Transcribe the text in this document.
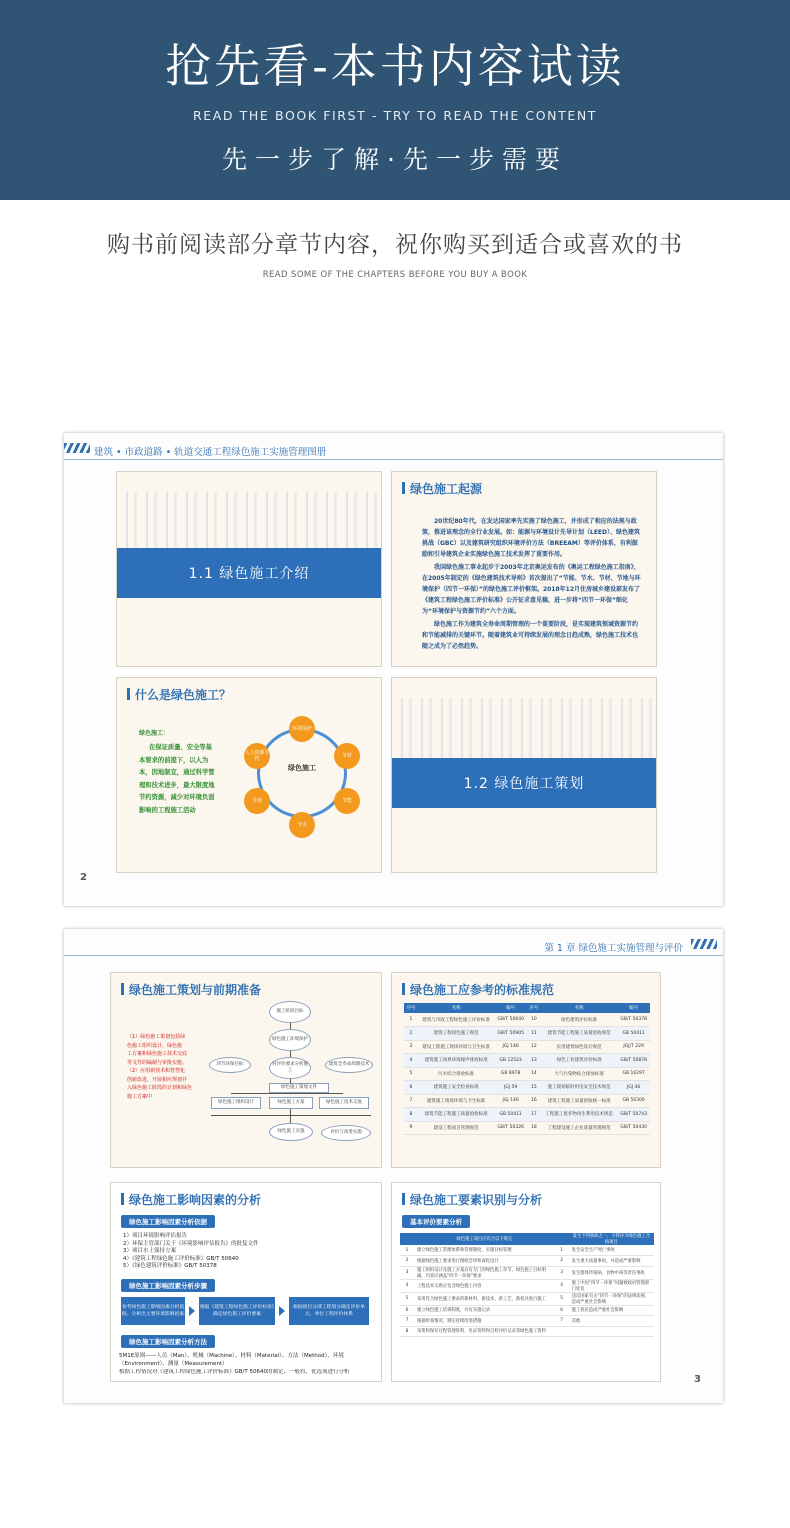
抢先看-本书内容试读
READ THE BOOK FIRST - TRY TO READ THE CONTENT
先一步了解·先一步需要
购书前阅读部分章节内容，祝你购买到适合或喜欢的书
READ SOME OF THE CHAPTERS BEFORE YOU BUY A BOOK
建筑 • 市政道路 • 轨道交通工程绿色施工实施管理图册
1.1 绿色施工介绍
绿色施工起源
20世纪80年代，在发达国家率先实施了绿色施工，并形成了相应的法规与政策，推进该理念的全行业发展。如：能源与环境设计先导计划（LEED）、绿色建筑挑战（GBC）以及建筑研究组织环境评价方法（BREEAM）等评价体系，有利鼓励和引导建筑企业实施绿色施工技术发挥了重要作用。
我国绿色施工事业起步于2003年北京奥运发布的《奥运工程绿色施工指南》，在2005年制定的《绿色建筑技术导则》首次提出了“节能、节水、节材、节地与环境保护（四节一环保）”的绿色施工评价框架。2018年12月住房城乡建设部发布了《建筑工程绿色施工评价标准》公开征求意见稿，进一步将“四节一环保”细化为“环境保护与资源节约”六个方面。
绿色施工作为建筑全寿命周期管理的一个重要阶段，是实现建筑领域资源节约和节能减排的关键环节。随着建筑业可持续发展的理念日趋成熟，绿色施工技术也随之成为了必然趋势。
什么是绿色施工？
绿色施工：
在保证质量、安全等基本要求的前提下，以人为本，因地制宜，通过科学管理和技术进步，最大限度地节约资源，减少对环境负面影响的工程施工活动
绿色施工
环境保护
节材
节能
节水
节地
人力资源节约
1.2 绿色施工策划
2
第 1 章 绿色施工实施管理与评价
绿色施工策划与前期准备
（1）绿色施工策划包括绿
色施工组织设计、绿色施
工方案和绿色施工技术交底
等文件的编制与审批实施。
（2）应用新技术和智慧化
创新改进，开展相应规划并
入绿色施工阶段的计划和绿色
施工方案中
施工阶段目标
绿色施工环境保护
对评价要求分析施工
四节环保目标	建筑全寿命周期技术
绿色施工策划文件
绿色施工组织设计	绿色施工方案	绿色施工技术交底
绿色施工实施	评价与改进实施
绿色施工应参考的标准规范
序号	名称	编号	序号	名称	编号
1	建筑与市政工程绿色施工评价标准	GB/T 50640	10	绿色建筑评价标准	GB/T 50378
2	建筑工程绿色施工规范	GB/T 50905	11	建筑节能工程施工质量验收规范	GB 50411
3	建设工程施工现场环境与卫生标准	JGJ 146	12	民用建筑绿色设计规范	JGJ/T 229
4	建筑施工场界环境噪声排放标准	GB 12523	13	绿色工业建筑评价标准	GB/T 50878
5	污水综合排放标准	GB 8978	14	大气污染物综合排放标准	GB 16297
6	建筑施工安全检查标准	JGJ 59	15	施工现场临时用电安全技术规范	JGJ 46
7	建筑施工现场环境与卫生标准	JGJ 146	16	建筑工程施工质量验收统一标准	GB 50300
8	建筑节能工程施工质量验收标准	GB 50411	17	工程施工废弃物再生利用技术规范	GB/T 50743
9	建设工程项目管理规范	GB/T 50326	18	工程建设施工企业质量管理规范	GB/T 50430
绿色施工影响因素的分析
绿色施工影响因素分析依据
1）项目环境影响评估报告
2）环保主管部门关于《环境影响评估报告》的批复文件
3）项目水土保持方案
4）《建筑工程绿色施工评价标准》GB/T 50640
5）《绿色建筑评价标准》GB/T 50378
绿色施工影响因素分析步骤
参考绿色施工影响因素分析依据，分析出主要环境影响因素
根据《建筑工程绿色施工评价标准》确定绿色施工评价要素
根据项目分部工程划分确定评价单元，单位工程评价体系
绿色施工影响因素分析方法
5M1E原则——人员（Man）、机械（Machine）、材料（Material）、方法（Method）、环境（Environment）、测量（Measurement）
根据工程情况对《建筑工程绿色施工评价标准》GB/T 50640的制定，一般将、优选项进行分析
绿色施工要素识别与分析
基本评价要素分析
	绿色施工项目应符合以下规定		发生下列事故之一，不得评为绿色施工合格项目
1	建立绿色施工管理体系和管理制度，实施目标管理	1	发生安全生产死亡事故
2	根据绿色施工要求进行图纸会审和深化设计	2	发生重大质量事故，并造成严重影响
3	施工组织设计及施工方案应有专门的绿色施工章节，绿色施工目标明确，内容应涵盖“四节一环保”要求	3	发生群体传染病、食物中毒等责任事故
4	工程技术交底应包含绿色施工内容	4	施工中因“四节一环保”问题被政府管理部门处罚
5	采用符合绿色施工要求的新材料、新技术、新工艺、新机具进行施工	5	违反国家有关“四节一环保”的法律法规，造成严重社会影响
6	建立绿色施工培训制度，并有实施记录	6	施工扰民造成严重社会影响
7	根据检查情况，制定持续改进措施	7	其他
8	采集和保存过程管理资料、见证资料和自检评价记录等绿色施工资料		
3
